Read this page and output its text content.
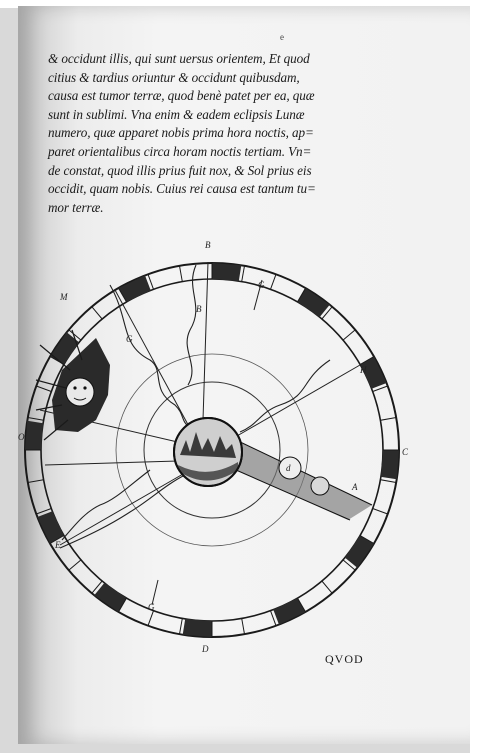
e
& occidunt illis, qui sunt uersus orientem, Et quod
citius & tardius oriuntur & occidunt quibusdam,
causa est tumor terræ, quod benè patet per ea, quæ
sunt in sublimi. Vna enim & eadem eclipsis Lunæ
numero, quæ apparet nobis prima hora noctis, ap=
paret orientalibus circa horam noctis tertiam. Vn=
de constat, quod illis prius fuit nox, & Sol prius eis
occidit, quam nobis. Cuius rei causa est tantum tu=
mor terræ.
B
M
H
C
O
E
D
B
G
G
A
G
d
QVOD
